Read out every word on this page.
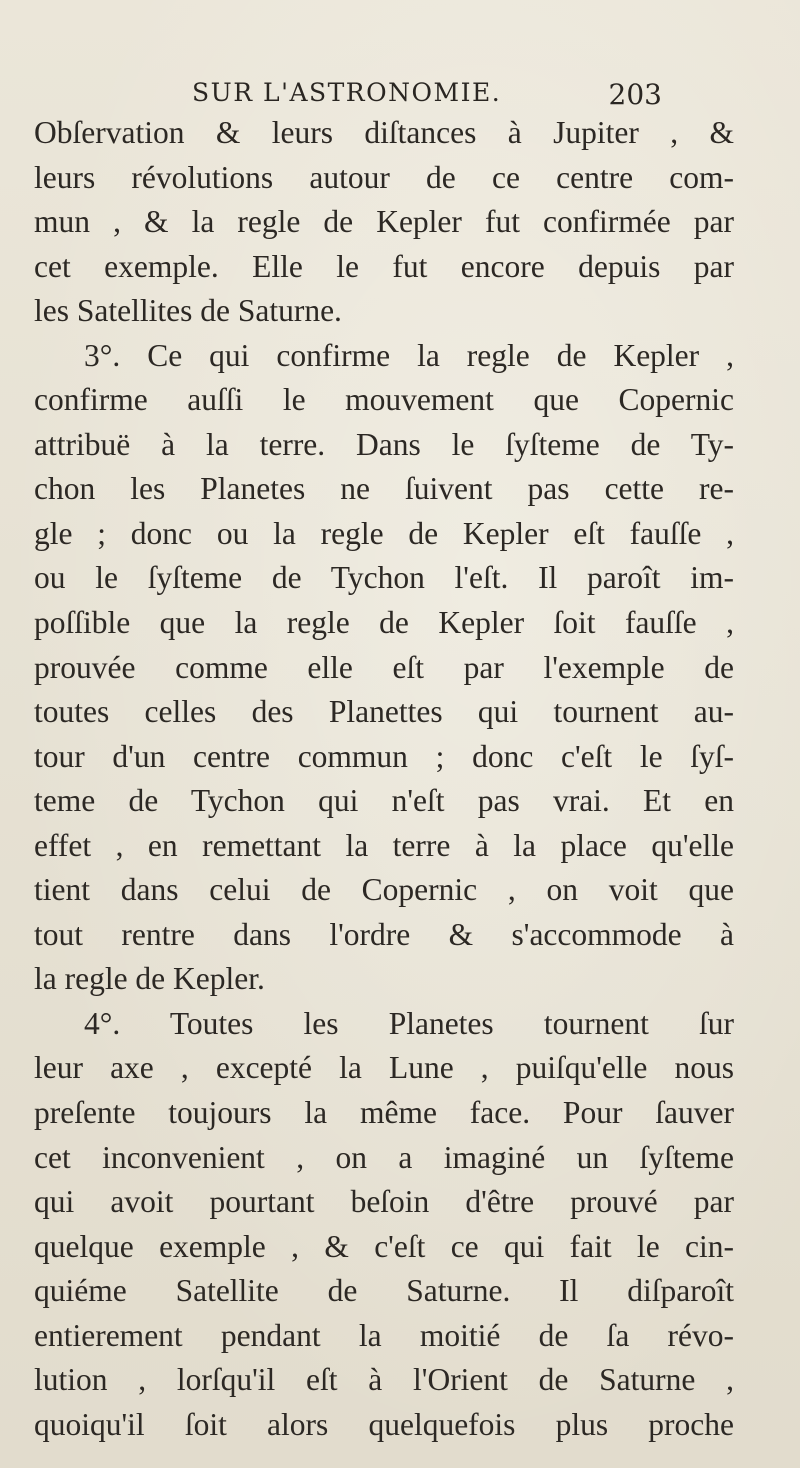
SUR L'ASTRONOMIE.	203
Obſervation & leurs diſtances à Jupiter , &
leurs révolutions autour de ce centre com-
mun , & la regle de Kepler fut confirmée par
cet exemple. Elle le fut encore depuis par
les Satellites de Saturne.
3°. Ce qui confirme la regle de Kepler ,
confirme auſſi le mouvement que Copernic
attribuë à la terre. Dans le ſyſteme de Ty-
chon les Planetes ne ſuivent pas cette re-
gle ; donc ou la regle de Kepler eſt fauſſe ,
ou le ſyſteme de Tychon l'eſt. Il paroît im-
poſſible que la regle de Kepler ſoit fauſſe ,
prouvée comme elle eſt par l'exemple de
toutes celles des Planettes qui tournent au-
tour d'un centre commun ; donc c'eſt le ſyſ-
teme de Tychon qui n'eſt pas vrai. Et en
effet , en remettant la terre à la place qu'elle
tient dans celui de Copernic , on voit que
tout rentre dans l'ordre & s'accommode à
la regle de Kepler.
4°. Toutes les Planetes tournent ſur
leur axe , excepté la Lune , puiſqu'elle nous
preſente toujours la même face. Pour ſauver
cet inconvenient , on a imaginé un ſyſteme
qui avoit pourtant beſoin d'être prouvé par
quelque exemple , & c'eſt ce qui fait le cin-
quiéme Satellite de Saturne. Il diſparoît
entierement pendant la moitié de ſa révo-
lution , lorſqu'il eſt à l'Orient de Saturne ,
quoiqu'il ſoit alors quelquefois plus proche
